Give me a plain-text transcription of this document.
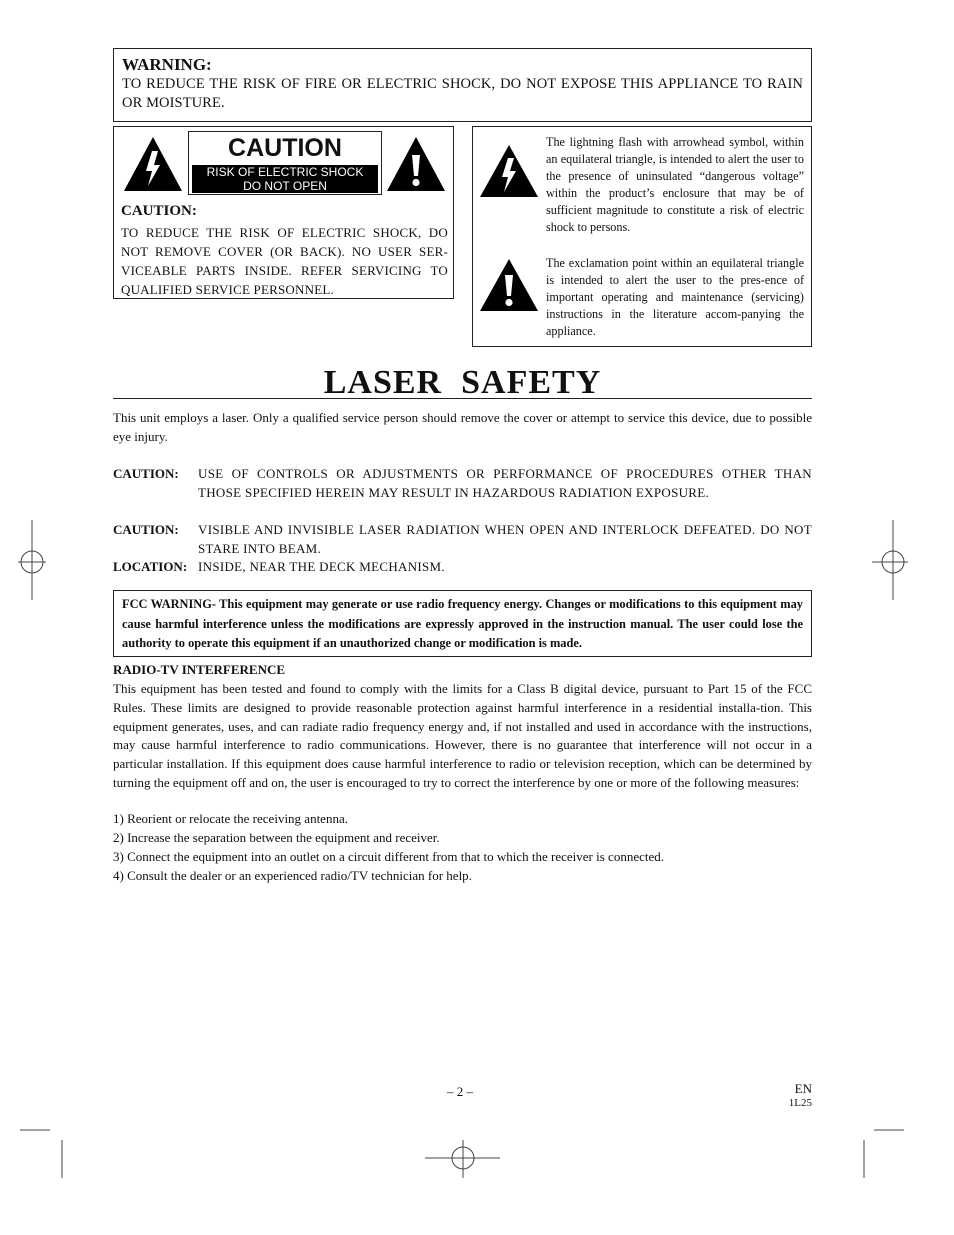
WARNING:
TO REDUCE THE RISK OF FIRE OR ELECTRIC SHOCK, DO NOT EXPOSE THIS APPLIANCE TO RAIN OR MOISTURE.
CAUTION
RISK OF ELECTRIC SHOCK
DO NOT OPEN
CAUTION:
TO REDUCE THE RISK OF ELECTRIC SHOCK, DO NOT REMOVE COVER (OR BACK). NO USER SER-VICEABLE PARTS INSIDE. REFER SERVICING TO QUALIFIED SERVICE PERSONNEL.
The lightning flash with arrowhead symbol, within an equilateral triangle, is intended to alert the user to the presence of uninsulated “dangerous voltage” within the product’s enclosure that may be of sufficient magnitude to constitute a risk of electric shock to persons.
The exclamation point within an equilateral triangle is intended to alert the user to the pres-ence of important operating and maintenance (servicing) instructions in the literature accom-panying the appliance.
LASER  SAFETY
This unit employs a laser. Only a qualified service person should remove the cover or attempt to service this device, due to possible eye injury.
CAUTION: USE OF CONTROLS OR ADJUSTMENTS OR PERFORMANCE OF PROCEDURES OTHER THAN THOSE SPECIFIED HEREIN MAY RESULT IN HAZARDOUS RADIATION EXPOSURE.
CAUTION: VISIBLE AND INVISIBLE LASER RADIATION WHEN OPEN AND INTERLOCK DEFEATED. DO NOT STARE INTO BEAM.
LOCATION: INSIDE, NEAR THE DECK MECHANISM.
FCC WARNING- This equipment may generate or use radio frequency energy. Changes or modifications to this equipment may cause harmful interference unless the modifications are expressly approved in the instruction manual. The user could lose the authority to operate this equipment if an unauthorized change or modification is made.
RADIO-TV INTERFERENCE
This equipment has been tested and found to comply with the limits for a Class B digital device, pursuant to Part 15 of the FCC Rules. These limits are designed to provide reasonable protection against harmful interference in a residential installa-tion. This equipment generates, uses, and can radiate radio frequency energy and, if not installed and used in accordance with the instructions, may cause harmful interference to radio communications. However, there is no guarantee that interference will not occur in a particular installation. If this equipment does cause harmful interference to radio or television reception, which can be determined by turning the equipment off and on, the user is encouraged to try to correct the interference by one or more of the following measures:
1) Reorient or relocate the receiving antenna.
2) Increase the separation between the equipment and receiver.
3) Connect the equipment into an outlet on a circuit different from that to which the receiver is connected.
4) Consult the dealer or an experienced radio/TV technician for help.
– 2 –	EN
1L25
